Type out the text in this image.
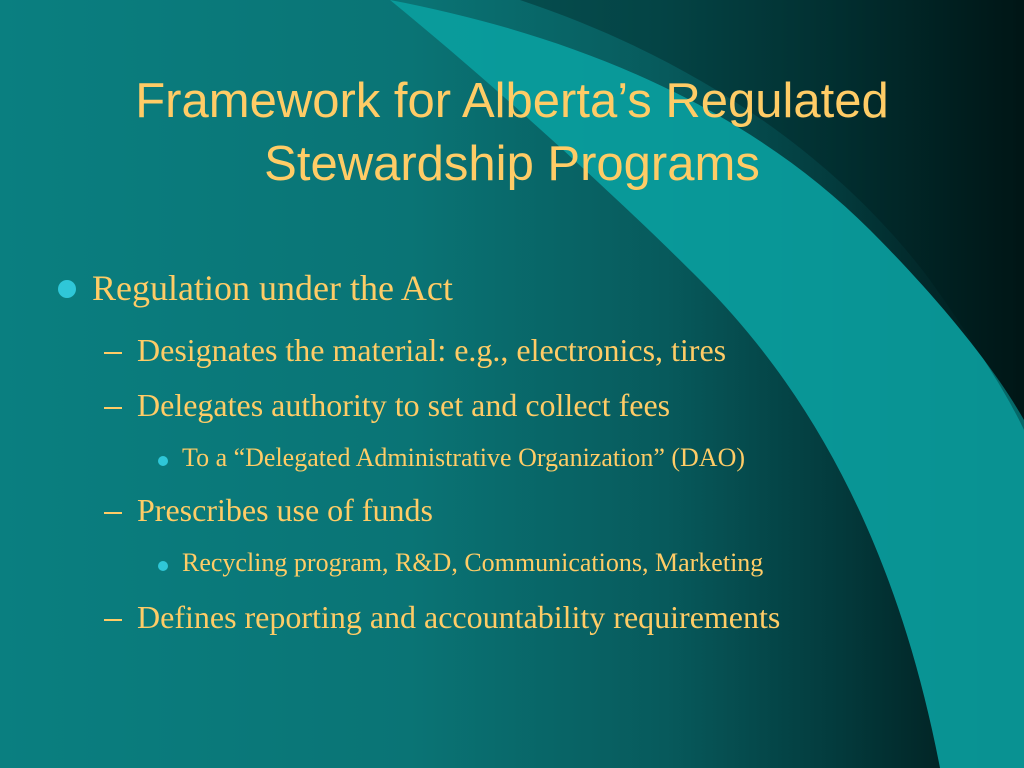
Framework for Alberta’s Regulated
Stewardship Programs
Regulation under the Act
Designates the material: e.g., electronics, tires
Delegates authority to set and collect fees
To a “Delegated Administrative Organization” (DAO)
Prescribes use of funds
Recycling program, R&D, Communications, Marketing
Defines reporting and accountability requirements
